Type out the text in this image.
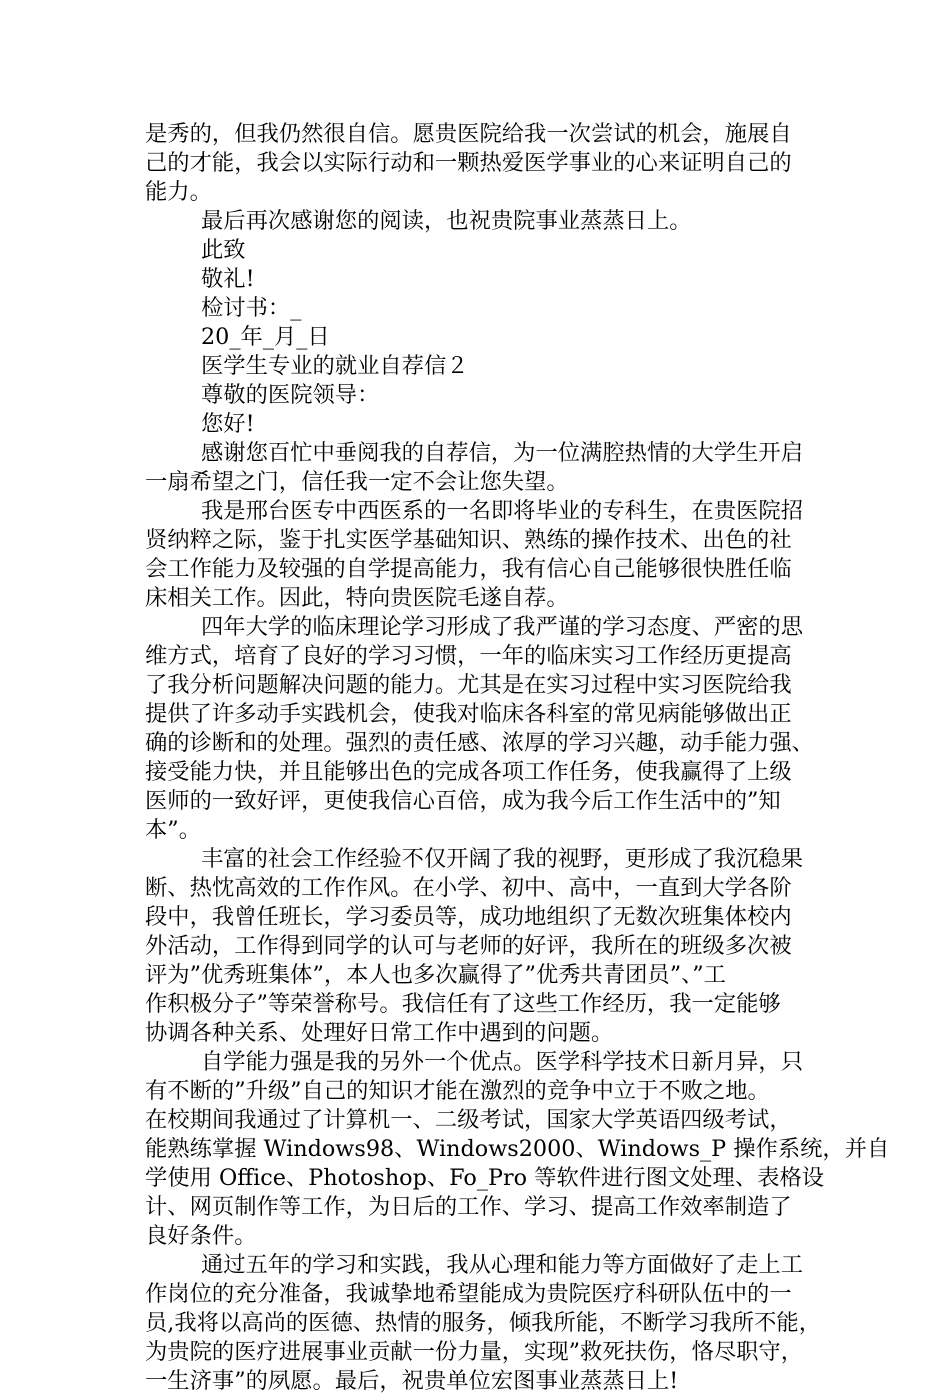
是秀的，但我仍然很自信。愿贵医院给我一次尝试的机会，施展自
己的才能，我会以实际行动和一颗热爱医学事业的心来证明自己的
能力。
最后再次感谢您的阅读，也祝贵院事业蒸蒸日上。
此致
敬礼!
检讨书：_
20_年_月_日
医学生专业的就业自荐信２
尊敬的医院领导：
您好!
感谢您百忙中垂阅我的自荐信，为一位满腔热情的大学生开启
一扇希望之门，信任我一定不会让您失望。
我是邢台医专中西医系的一名即将毕业的专科生，在贵医院招
贤纳粹之际，鉴于扎实医学基础知识、熟练的操作技术、出色的社
会工作能力及较强的自学提高能力，我有信心自己能够很快胜任临
床相关工作。因此，特向贵医院毛遂自荐。
四年大学的临床理论学习形成了我严谨的学习态度、严密的思
维方式，培育了良好的学习习惯，一年的临床实习工作经历更提高
了我分析问题解决问题的能力。尤其是在实习过程中实习医院给我
提供了许多动手实践机会，使我对临床各科室的常见病能够做出正
确的诊断和的处理。强烈的责任感、浓厚的学习兴趣，动手能力强、
接受能力快，并且能够出色的完成各项工作任务，使我赢得了上级
医师的一致好评，更使我信心百倍，成为我今后工作生活中的”知
本”。
丰富的社会工作经验不仅开阔了我的视野，更形成了我沉稳果
断、热忱高效的工作作风。在小学、初中、高中，一直到大学各阶
段中，我曾任班长，学习委员等，成功地组织了无数次班集体校内
外活动，工作得到同学的认可与老师的好评，我所在的班级多次被
评为”优秀班集体”，本人也多次赢得了”优秀共青团员”、”工
作积极分子”等荣誉称号。我信任有了这些工作经历，我一定能够
协调各种关系、处理好日常工作中遇到的问题。
自学能力强是我的另外一个优点。医学科学技术日新月异，只
有不断的”升级”自己的知识才能在激烈的竞争中立于不败之地。
在校期间我通过了计算机一、二级考试，国家大学英语四级考试，
能熟练掌握 Windows98、Windows2000、Windows_P 操作系统，并自
学使用 Office、Photoshop、Fo_Pro 等软件进行图文处理、表格设
计、网页制作等工作，为日后的工作、学习、提高工作效率制造了
良好条件。
通过五年的学习和实践，我从心理和能力等方面做好了走上工
作岗位的充分准备，我诚挚地希望能成为贵院医疗科研队伍中的一
员,我将以高尚的医德、热情的服务，倾我所能，不断学习我所不能，
为贵院的医疗进展事业贡献一份力量，实现”救死扶伤，恪尽职守，
一生济事”的夙愿。最后，祝贵单位宏图事业蒸蒸日上!
